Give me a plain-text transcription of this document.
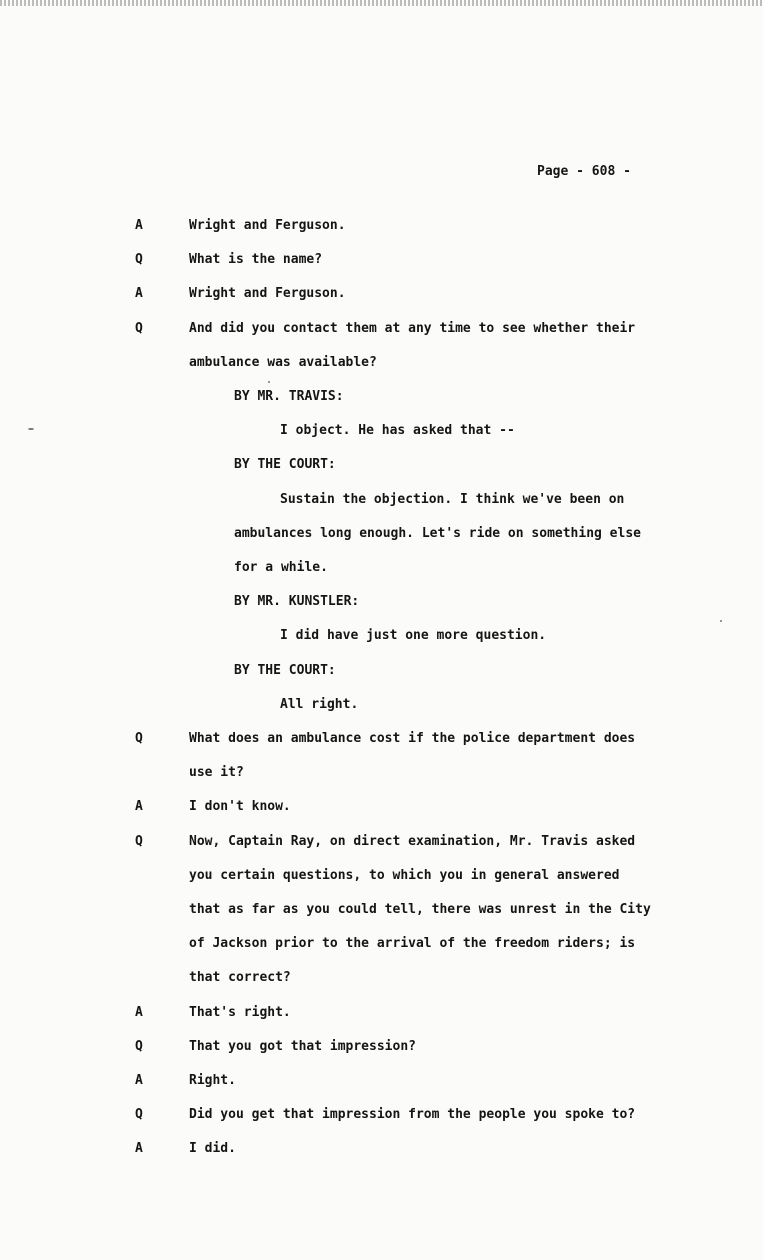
Page - 608 -
A	Wright and Ferguson.
Q	What is the name?
A	Wright and Ferguson.
Q	And did you contact them at any time to see whether their
ambulance was available?
BY MR. TRAVIS:
I object. He has asked that --
BY THE COURT:
Sustain the objection. I think we've been on
ambulances long enough. Let's ride on something else
for a while.
BY MR. KUNSTLER:
I did have just one more question.
BY THE COURT:
All right.
Q	What does an ambulance cost if the police department does
use it?
A	I don't know.
Q	Now, Captain Ray, on direct examination, Mr. Travis asked
you certain questions, to which you in general answered
that as far as you could tell, there was unrest in the City
of Jackson prior to the arrival of the freedom riders; is
that correct?
A	That's right.
Q	That you got that impression?
A	Right.
Q	Did you get that impression from the people you spoke to?
A	I did.
